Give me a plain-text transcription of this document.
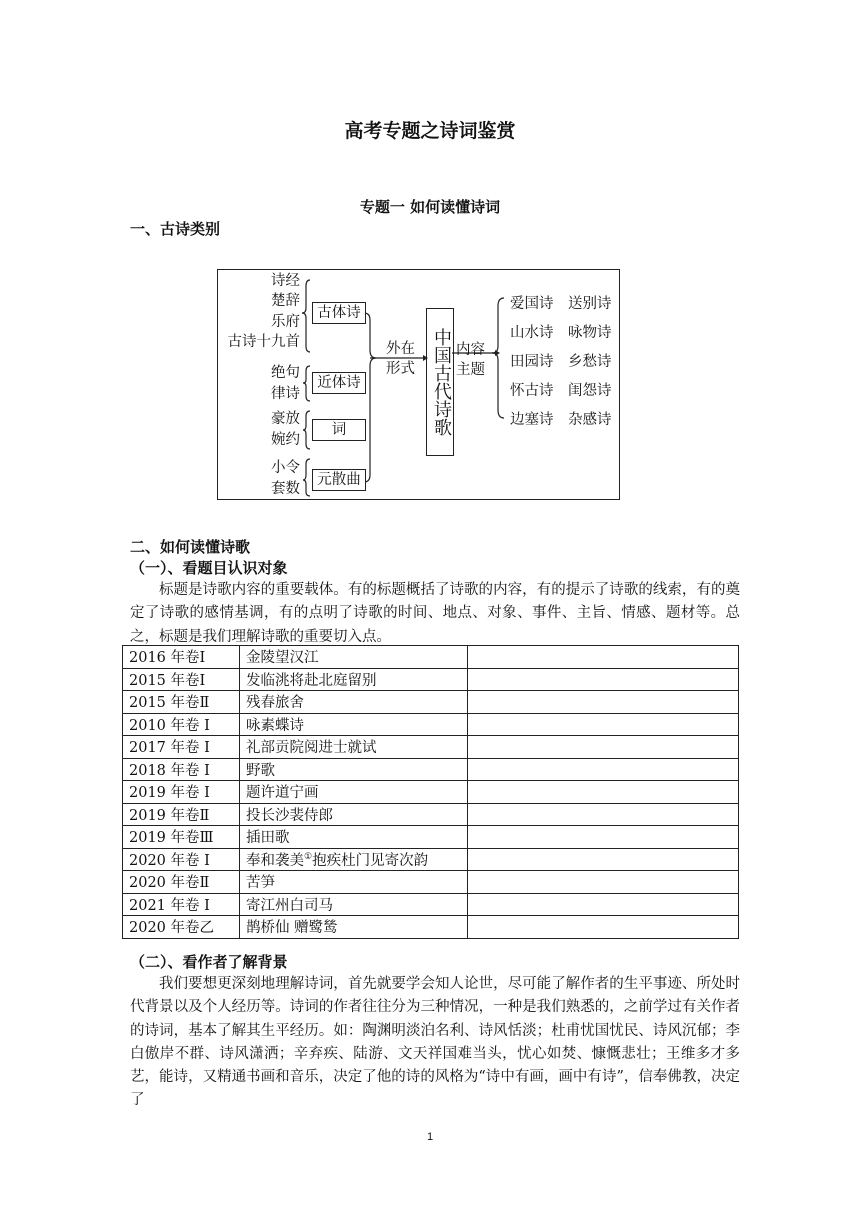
高考专题之诗词鉴赏
专题一 如何读懂诗词
一、古诗类别
诗经
楚辞
乐府
古诗十九首
古体诗
绝句
律诗
近体诗
豪放
婉约
词
小令
套数
元散曲
外在
形式 中国古代诗歌 内容
主题
爱国诗 送别诗
山水诗 咏物诗
田园诗 乡愁诗
怀古诗 闺怨诗
边塞诗 杂感诗
二、如何读懂诗歌
（一）、看题目认识对象

标题是诗歌内容的重要载体。有的标题概括了诗歌的内容，有的提示了诗歌的线索，有的奠定了诗歌的感情基调，有的点明了诗歌的时间、地点、对象、事件、主旨、情感、题材等。总之，标题是我们理解诗歌的重要切入点。

2016 年卷Ⅰ	金陵望汉江	
2015 年卷Ⅰ	发临洮将赴北庭留别	
2015 年卷Ⅱ	残春旅舍	
2010 年卷 I	咏素蝶诗	
2017 年卷 I	礼部贡院阅进士就试	
2018 年卷 I	野歌	
2019 年卷 I	题许道宁画	
2019 年卷Ⅱ	投长沙裴侍郎	
2019 年卷Ⅲ	插田歌	
2020 年卷 I	奉和袭美①抱疾杜门见寄次韵	
2020 年卷Ⅱ	苦笋	
2021 年卷 I	寄江州白司马	
2020 年卷乙	鹊桥仙 赠鹭鸶	
（二）、看作者了解背景

我们要想更深刻地理解诗词，首先就要学会知人论世，尽可能了解作者的生平事迹、所处时代背景以及个人经历等。诗词的作者往往分为三种情况，一种是我们熟悉的，之前学过有关作者的诗词，基本了解其生平经历。如：陶渊明淡泊名利、诗风恬淡；杜甫忧国忧民、诗风沉郁；李白傲岸不群、诗风潇洒；辛弃疾、陆游、文天祥国难当头，忧心如焚、慷慨悲壮；王维多才多艺，能诗，又精通书画和音乐，决定了他的诗的风格为“诗中有画，画中有诗”，信奉佛教，决定了

1
